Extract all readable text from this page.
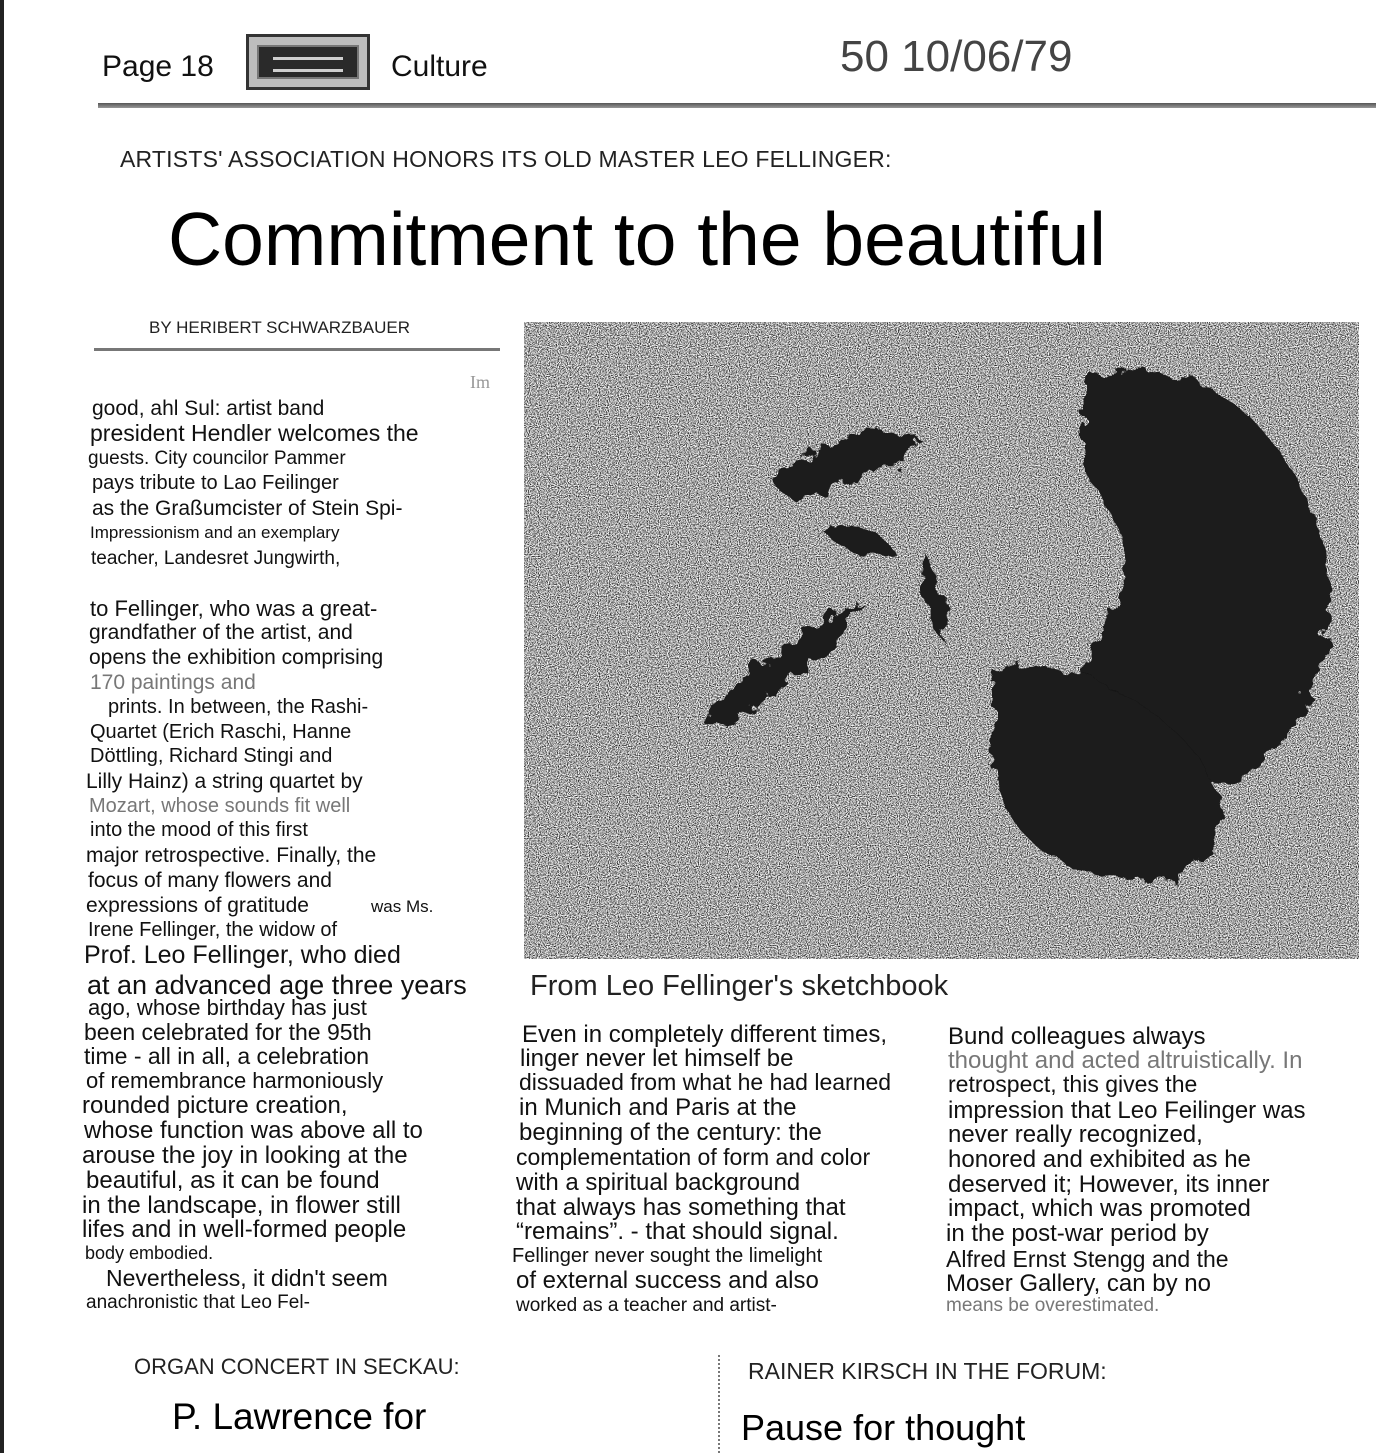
Page 18	Culture	50 10/06/79
ARTISTS' ASSOCIATION HONORS ITS OLD MASTER LEO FELLINGER:
Commitment to the beautiful
BY HERIBERT SCHWARZBAUER
Im
From Leo Fellinger's sketchbook
good, ahl Sul: artist band
president Hendler welcomes the
guests. City councilor Pammer
pays tribute to Lao Feilinger
as the Graßumcister of Stein Spi-
Impressionism and an exemplary
teacher, Landesret Jungwirth,
to Fellinger, who was a great-
grandfather of the artist, and
opens the exhibition comprising
170 paintings and
prints. In between, the Rashi-
Quartet (Erich Raschi, Hanne
Döttling, Richard Stingi and
Lilly Hainz) a string quartet by
Mozart, whose sounds fit well
into the mood of this first
major retrospective. Finally, the
focus of many flowers and
expressions of gratitude	was Ms.
Irene Fellinger, the widow of
Prof. Leo Fellinger, who died
at an advanced age three years
ago, whose birthday has just
been celebrated for the 95th
time - all in all, a celebration
of remembrance harmoniously
rounded picture creation,
whose function was above all to
arouse the joy in looking at the
beautiful, as it can be found
in the landscape, in flower still
lifes and in well-formed people
body embodied.
Nevertheless, it didn't seem
anachronistic that Leo Fel-
Even in completely different times,
linger never let himself be
dissuaded from what he had learned
in Munich and Paris at the
beginning of the century: the
complementation of form and color
with a spiritual background
that always has something that
“remains”. - that should signal.
Fellinger never sought the limelight
of external success and also
worked as a teacher and artist-
Bund colleagues always
thought and acted altruistically. In
retrospect, this gives the
impression that Leo Feilinger was
never really recognized,
honored and exhibited as he
deserved it; However, its inner
impact, which was promoted
in the post-war period by
Alfred Ernst Stengg and the
Moser Gallery, can by no
means be overestimated.
ORGAN CONCERT IN SECKAU:
P. Lawrence for
RAINER KIRSCH IN THE FORUM:
Pause for thought
